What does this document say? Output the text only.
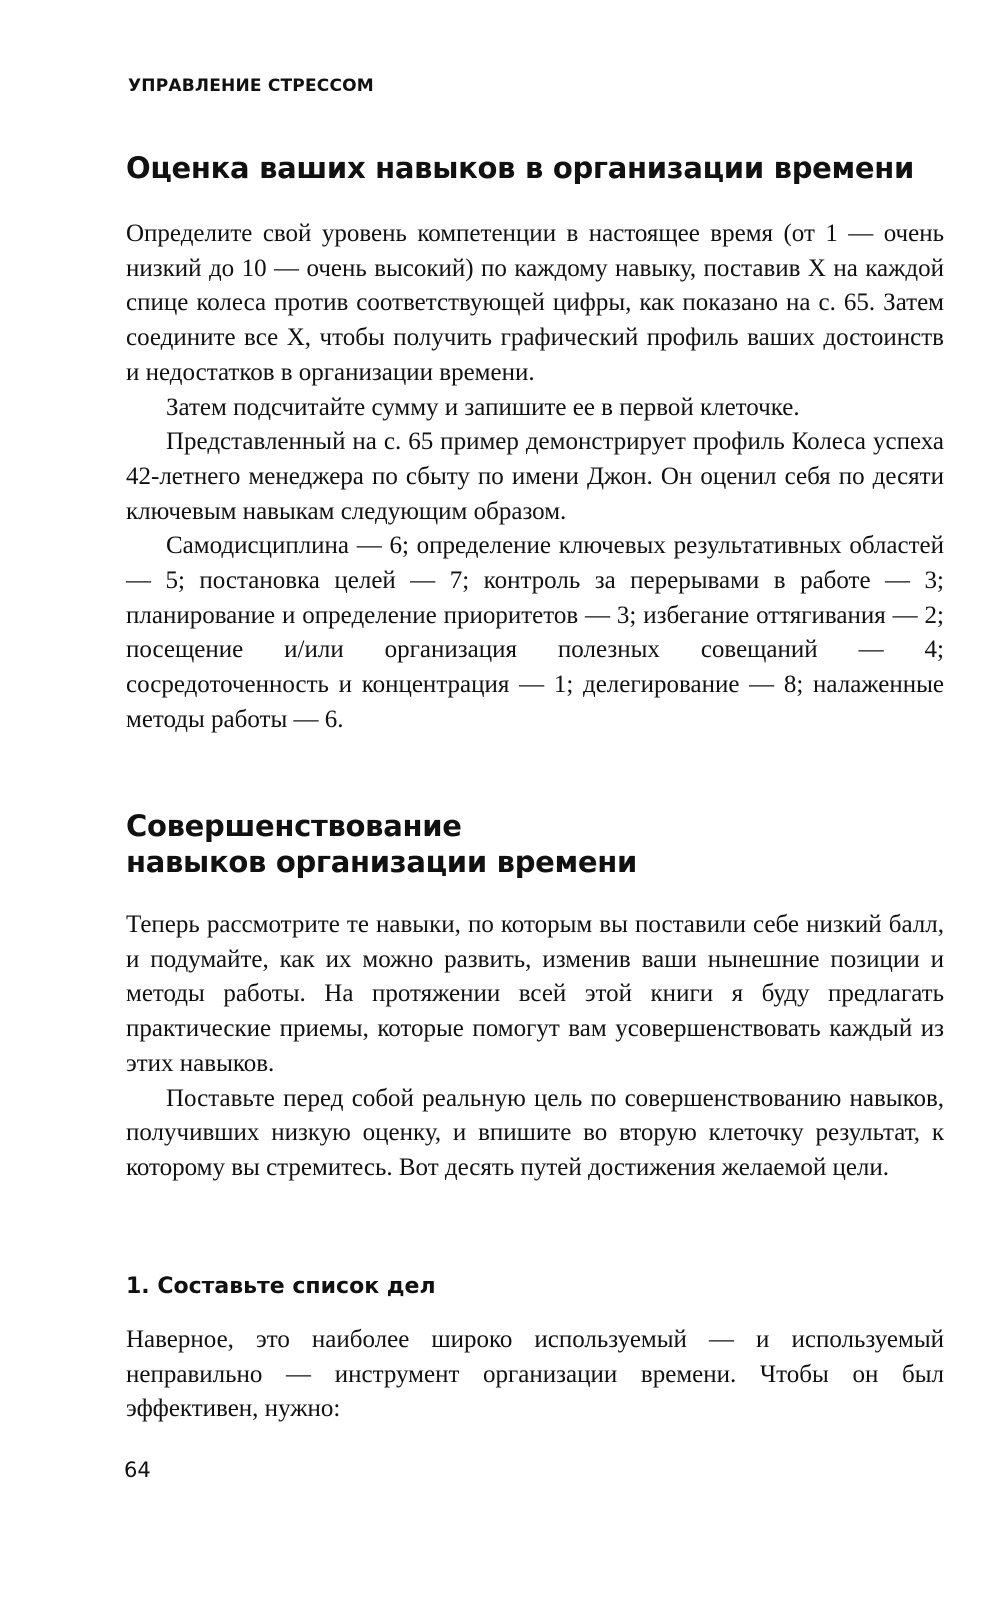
УПРАВЛЕНИЕ СТРЕССОМ
Оценка ваших навыков в организации времени

Определите свой уровень компетенции в настоящее время (от 1 — очень низкий до 10 — очень высокий) по каждому навыку, поставив X на каждой спице колеса против соответствующей цифры, как показано на с. 65. Затем соедините все X, чтобы получить графический профиль ваших достоинств и недостатков в организации времени.

Затем подсчитайте сумму и запишите ее в первой клеточке.

Представленный на с. 65 пример демонстрирует профиль Колеса успеха 42-летнего менеджера по сбыту по имени Джон. Он оценил себя по десяти ключевым навыкам следующим образом.

Самодисциплина — 6; определение ключевых результативных областей — 5; постановка целей — 7; контроль за перерывами в работе — 3; планирование и определение приоритетов — 3; избегание оттягивания — 2; посещение и/или организация полезных совещаний — 4; сосредоточенность и концентрация — 1; делегирование — 8; налаженные методы работы — 6.

Совершенствование
навыков организации времени

Теперь рассмотрите те навыки, по которым вы поставили себе низкий балл, и подумайте, как их можно развить, изменив ваши нынешние позиции и методы работы. На протяжении всей этой книги я буду предлагать практические приемы, которые помогут вам усовершенствовать каждый из этих навыков.

Поставьте перед собой реальную цель по совершенствованию навыков, получивших низкую оценку, и впишите во вторую клеточку результат, к которому вы стремитесь. Вот десять путей достижения желаемой цели.

1. Составьте список дел

Наверное, это наиболее широко используемый — и используемый неправильно — инструмент организации времени. Чтобы он был эффективен, нужно:

64
